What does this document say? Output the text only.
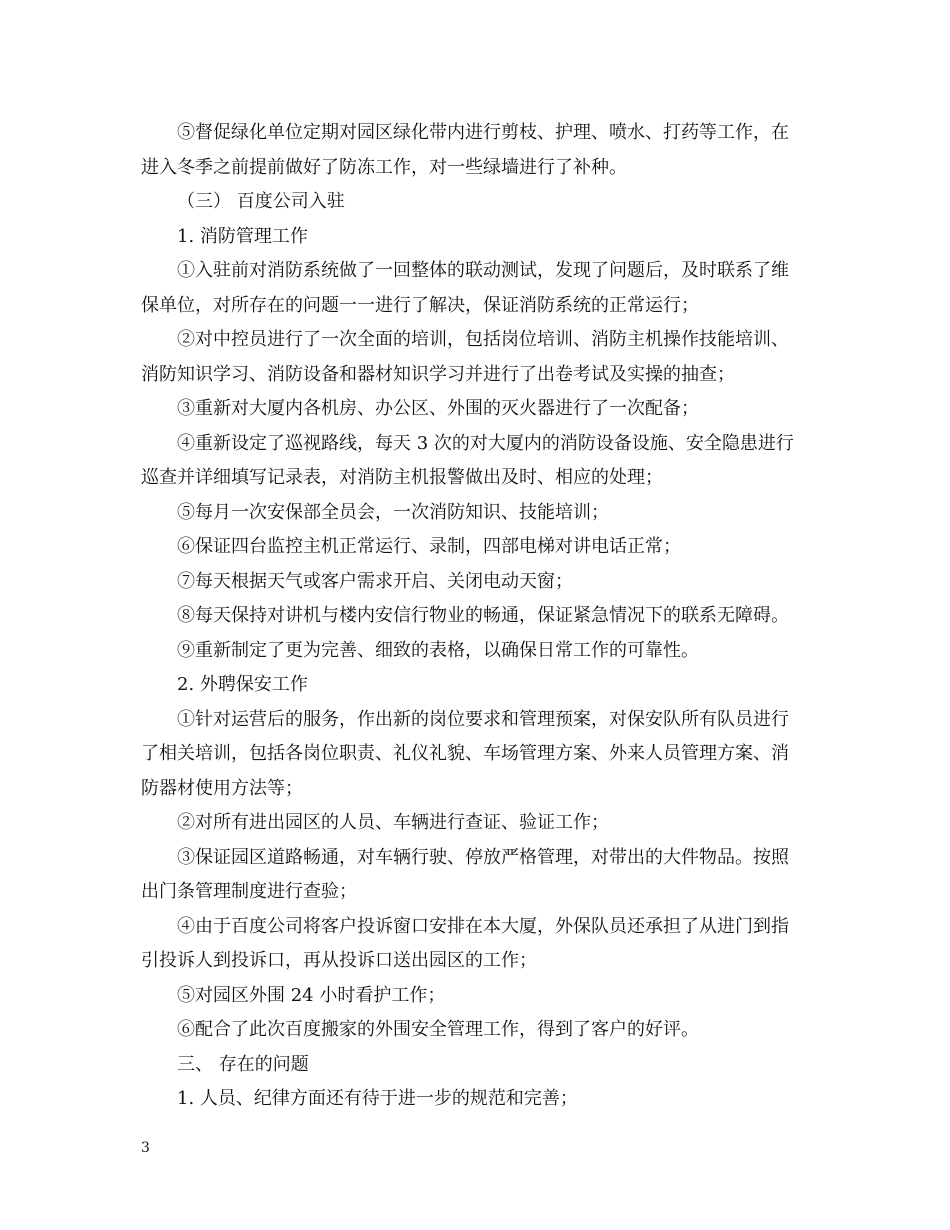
⑤督促绿化单位定期对园区绿化带内进行剪枝、护理、喷水、打药等工作，在
进入冬季之前提前做好了防冻工作，对一些绿墙进行了补种。
（三） 百度公司入驻
1. 消防管理工作
①入驻前对消防系统做了一回整体的联动测试，发现了问题后，及时联系了维
保单位，对所存在的问题一一进行了解决，保证消防系统的正常运行；
②对中控员进行了一次全面的培训，包括岗位培训、消防主机操作技能培训、
消防知识学习、消防设备和器材知识学习并进行了出卷考试及实操的抽查；
③重新对大厦内各机房、办公区、外围的灭火器进行了一次配备；
④重新设定了巡视路线，每天 3 次的对大厦内的消防设备设施、安全隐患进行
巡查并详细填写记录表，对消防主机报警做出及时、相应的处理；
⑤每月一次安保部全员会，一次消防知识、技能培训；
⑥保证四台监控主机正常运行、录制，四部电梯对讲电话正常；
⑦每天根据天气或客户需求开启、关闭电动天窗；
⑧每天保持对讲机与楼内安信行物业的畅通，保证紧急情况下的联系无障碍。
⑨重新制定了更为完善、细致的表格，以确保日常工作的可靠性。
2. 外聘保安工作
①针对运营后的服务，作出新的岗位要求和管理预案，对保安队所有队员进行
了相关培训，包括各岗位职责、礼仪礼貌、车场管理方案、外来人员管理方案、消
防器材使用方法等；
②对所有进出园区的人员、车辆进行查证、验证工作；
③保证园区道路畅通，对车辆行驶、停放严格管理，对带出的大件物品。按照
出门条管理制度进行查验；
④由于百度公司将客户投诉窗口安排在本大厦，外保队员还承担了从进门到指
引投诉人到投诉口，再从投诉口送出园区的工作；
⑤对园区外围 24 小时看护工作；
⑥配合了此次百度搬家的外围安全管理工作，得到了客户的好评。
三、 存在的问题
1. 人员、纪律方面还有待于进一步的规范和完善；
3
